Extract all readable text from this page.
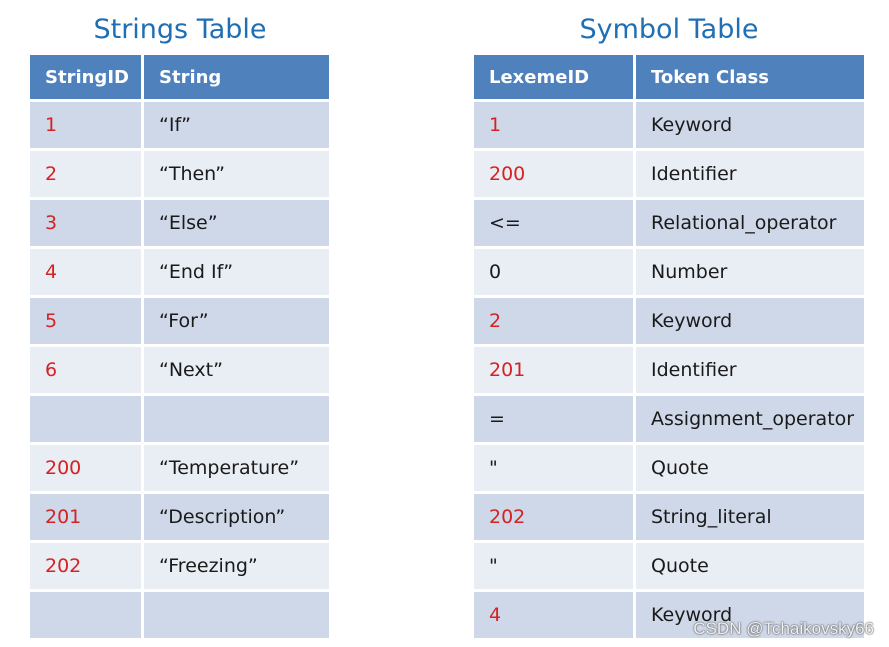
Strings Table
StringID	String
1	“If”
2	“Then”
3	“Else”
4	“End If”
5	“For”
6	“Next”
200	“Temperature”
201	“Description”
202	“Freezing”
Symbol Table
LexemeID	Token Class
1	Keyword
200	Identifier
<=	Relational_operator
0	Number
2	Keyword
201	Identifier
=	Assignment_operator
"	Quote
202	String_literal
"	Quote
4	Keyword
CSDN @Tchaikovsky66
